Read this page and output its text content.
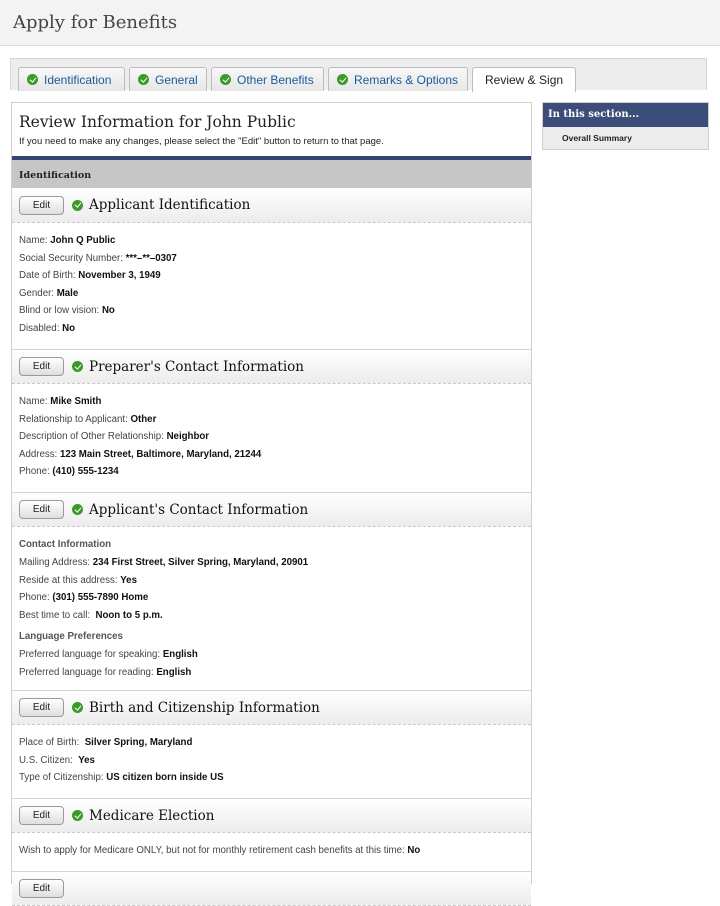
Apply for Benefits
Identification	General	Other Benefits	Remarks & Options Review & Sign
Review Information for John Public

If you need to make any changes, please select the "Edit" button to return to that page.

Identification
Edit	Applicant Identification
Name: John Q Public
Social Security Number: ***–**–0307
Date of Birth: November 3, 1949
Gender: Male
Blind or low vision: No
Disabled: No
Edit	Preparer's Contact Information
Name: Mike Smith
Relationship to Applicant: Other
Description of Other Relationship: Neighbor
Address: 123 Main Street, Baltimore, Maryland, 21244
Phone: (410) 555-1234
Edit	Applicant's Contact Information
Contact Information
Mailing Address: 234 First Street, Silver Spring, Maryland, 20901
Reside at this address: Yes
Phone: (301) 555-7890 Home
Best time to call: Noon to 5 p.m.
Language Preferences
Preferred language for speaking: English
Preferred language for reading: English
Edit	Birth and Citizenship Information
Place of Birth: Silver Spring, Maryland
U.S. Citizen: Yes
Type of Citizenship: US citizen born inside US
Edit	Medicare Election
Wish to apply for Medicare ONLY, but not for monthly retirement cash benefits at this time: No
Edit
In this section...
Overall Summary
